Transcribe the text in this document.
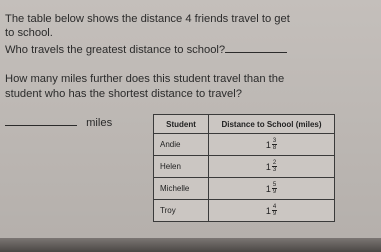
The table below shows the distance 4 friends travel to get
to school.
Who travels the greatest distance to school?
How many miles further does this student travel than the
student who has the shortest distance to travel?
miles	Student	Distance to School (miles)
Andie	$1 \frac{3}{8}$

Helen	$1 \frac{2}{3}$

Michelle	$1 \frac{5}{9}$

Troy	$1 \frac{4}{9}$
